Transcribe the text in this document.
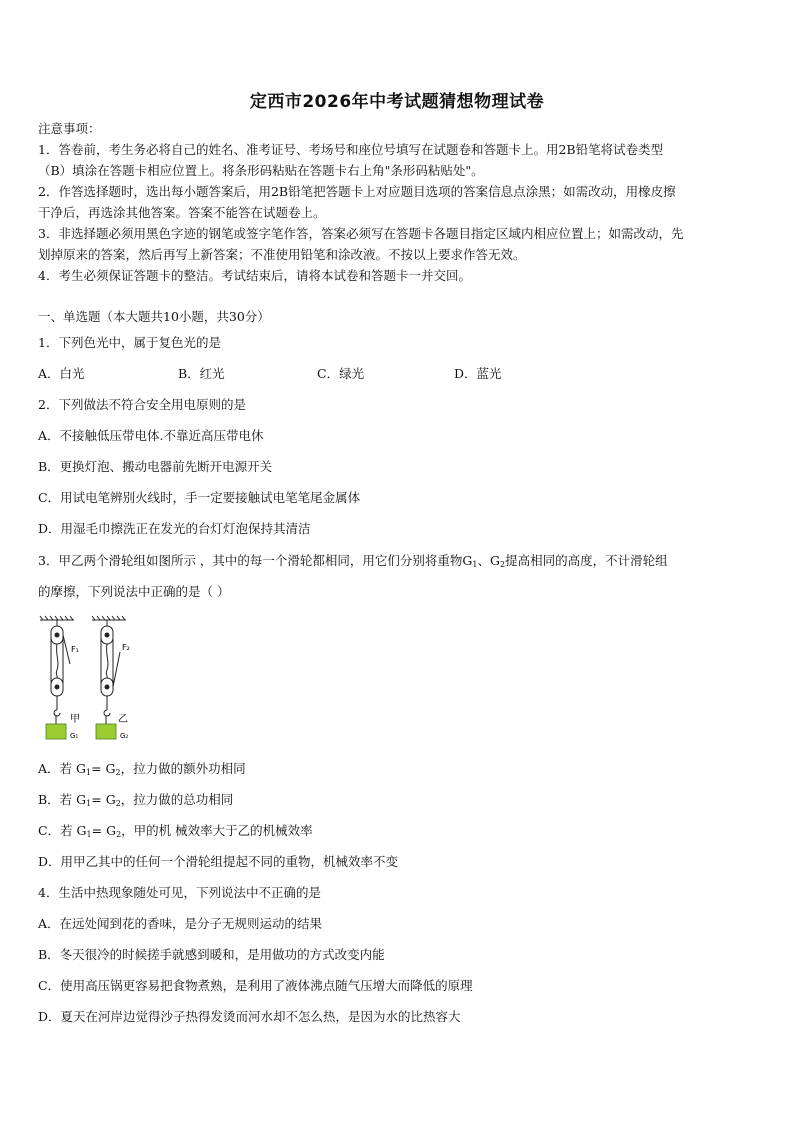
定西市2026年中考试题猜想物理试卷
注意事项：
1．答卷前，考生务必将自己的姓名、准考证号、考场号和座位号填写在试题卷和答题卡上。用2B铅笔将试卷类型
（B）填涂在答题卡相应位置上。将条形码粘贴在答题卡右上角"条形码粘贴处"。
2．作答选择题时，选出每小题答案后，用2B铅笔把答题卡上对应题目选项的答案信息点涂黑；如需改动，用橡皮擦
干净后，再选涂其他答案。答案不能答在试题卷上。
3．非选择题必须用黑色字迹的钢笔或签字笔作答，答案必须写在答题卡各题目指定区域内相应位置上；如需改动，先
划掉原来的答案，然后再写上新答案；不准使用铅笔和涂改液。不按以上要求作答无效。
4．考生必须保证答题卡的整洁。考试结束后，请将本试卷和答题卡一并交回。
一、单选题（本大题共10小题，共30分）
1．下列色光中，属于复色光的是
A．白光	B．红光	C．绿光	D．蓝光
2．下列做法不符合安全用电原则的是
A．不接触低压带电体.不靠近高压带电休
B．更换灯泡、搬动电器前先断开电源开关
C．用试电笔辨别火线时，手一定要接触试电笔笔尾金属体
D．用湿毛巾擦洗正在发光的台灯灯泡保持其清洁
3．甲乙两个滑轮组如图所示 ，其中的每一个滑轮都相同，用它们分别将重物$G_1$、$G_2$提高相同的高度，不计滑轮组
的摩擦，下列说法中正确的是（ ）
F₁	F₂
甲	乙
G₁	G₂
A．若 $G_1= G_2$，拉力做的额外功相同
B．若 $G_1= G_2$，拉力做的总功相同
C．若 $G_1= G_2$，甲的机 械效率大于乙的机械效率
D．用甲乙其中的任何一个滑轮组提起不同的重物，机械效率不变
4．生活中热现象随处可见，下列说法中不正确的是
A．在远处闻到花的香味，是分子无规则运动的结果
B．冬天很冷的时候搓手就感到暖和，是用做功的方式改变内能
C．使用高压锅更容易把食物煮熟，是利用了液体沸点随气压增大而降低的原理
D．夏天在河岸边觉得沙子热得发烫而河水却不怎么热，是因为水的比热容大
